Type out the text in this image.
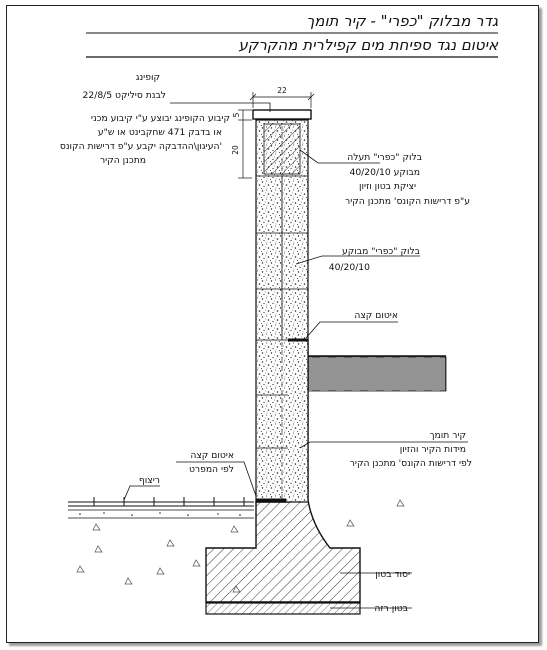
גדר מבלוק "כפרי" - קיר תומך
איטום נגד ספיחת מים קפילרית מהקרקע
22
5
20
קופינג
לבנת סיליקט 22/8/5
קיבוע הקופינג יבוצע ע"י קיבוע מכני
או בדבק 471 שחקבינט או ש"ע
העיגון\ההדבקה יקבע ע"פ דרישות הקונס'
מתכנן הקיר	בלוק "כפרי" תעלה
מבוקע 40/20/10
יציקת בטון וזיון
ע"פ דרישות הקונס' מתכנן הקיר
בלוק "כפרי" מבוקע
40/20/10
איטום קצה
קיר תומך
מידות הקיר והזיון
לפי דרישות הקונס' מתכנן הקיר
איטום קצה
לפי המפרט
ריצוף
יסוד בטון
בטון רזה
